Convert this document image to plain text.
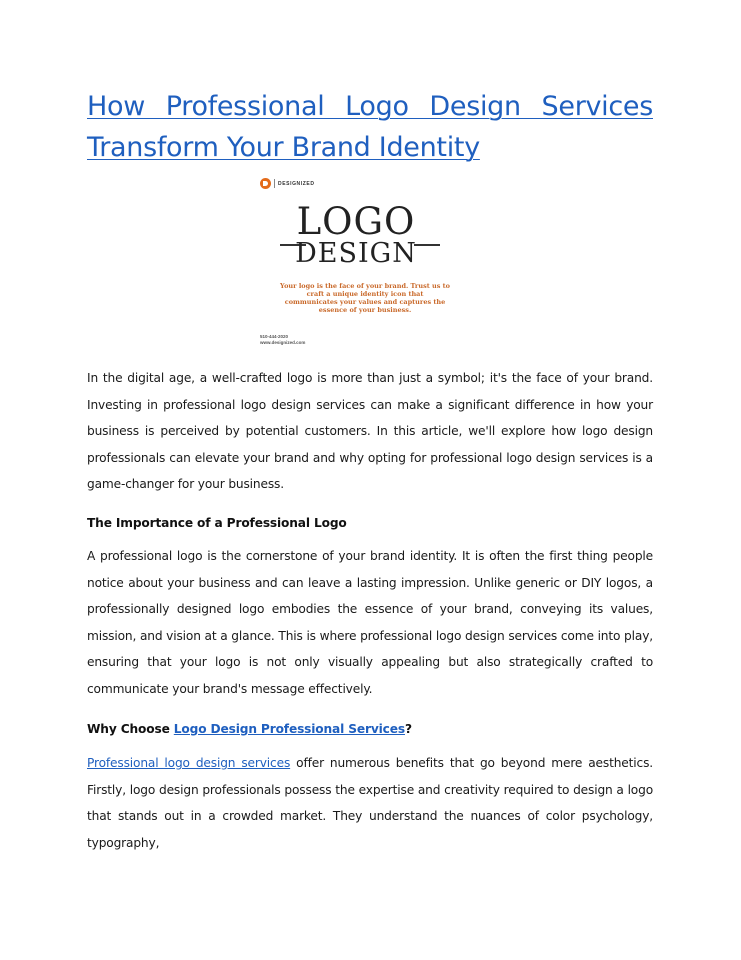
How Professional Logo Design Services Transform Your Brand Identity
DESIGNIZED
LOGO
DESIGN
Your logo is the face of your brand. Trust us to craft a unique identity icon that communicates your values and captures the essence of your business.
510-444-2020
www.designized.com

In the digital age, a well-crafted logo is more than just a symbol; it's the face of your brand. Investing in professional logo design services can make a significant difference in how your business is perceived by potential customers. In this article, we'll explore how logo design professionals can elevate your brand and why opting for professional logo design services is a game-changer for your business.

The Importance of a Professional Logo

A professional logo is the cornerstone of your brand identity. It is often the first thing people notice about your business and can leave a lasting impression. Unlike generic or DIY logos, a professionally designed logo embodies the essence of your brand, conveying its values, mission, and vision at a glance. This is where professional logo design services come into play, ensuring that your logo is not only visually appealing but also strategically crafted to communicate your brand's message effectively.

Why Choose Logo Design Professional Services?

Professional logo design services offer numerous benefits that go beyond mere aesthetics. Firstly, logo design professionals possess the expertise and creativity required to design a logo that stands out in a crowded market. They understand the nuances of color psychology, typography,
